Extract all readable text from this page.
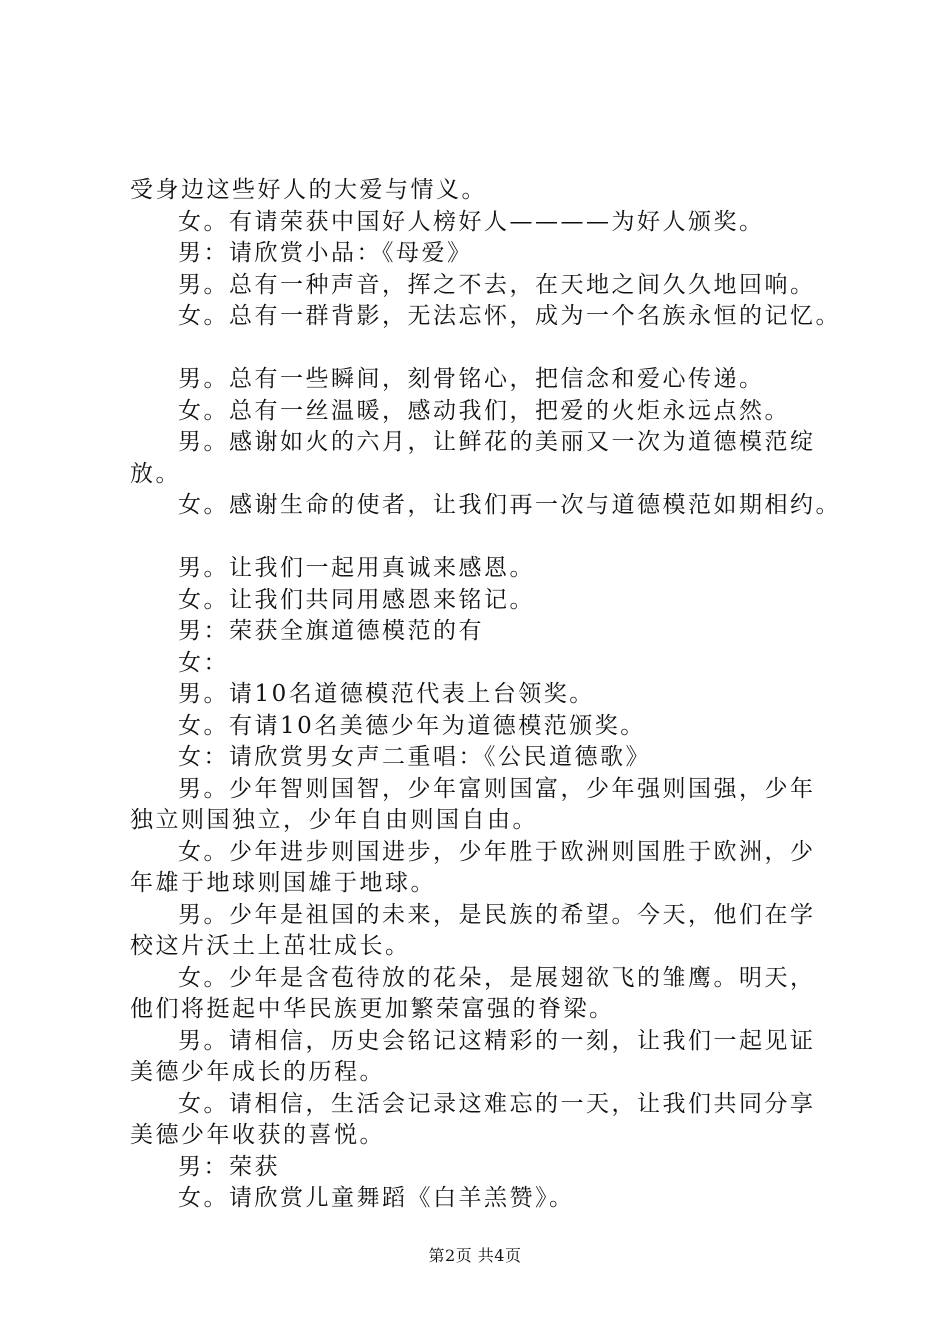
受身边这些好人的大爱与情义。
女。有请荣获中国好人榜好人————为好人颁奖。
男：请欣赏小品：《母爱》
男。总有一种声音，挥之不去，在天地之间久久地回响。
女。总有一群背影，无法忘怀，成为一个名族永恒的记忆。
男。总有一些瞬间，刻骨铭心，把信念和爱心传递。
女。总有一丝温暖，感动我们，把爱的火炬永远点然。
男。感谢如火的六月，让鲜花的美丽又一次为道德模范绽
放。
女。感谢生命的使者，让我们再一次与道德模范如期相约。
男。让我们一起用真诚来感恩。
女。让我们共同用感恩来铭记。
男：荣获全旗道德模范的有
女：
男。请10名道德模范代表上台领奖。
女。有请10名美德少年为道德模范颁奖。
女：请欣赏男女声二重唱：《公民道德歌》
男。少年智则国智，少年富则国富，少年强则国强，少年
独立则国独立，少年自由则国自由。
女。少年进步则国进步，少年胜于欧洲则国胜于欧洲，少
年雄于地球则国雄于地球。
男。少年是祖国的未来，是民族的希望。今天，他们在学
校这片沃土上茁壮成长。
女。少年是含苞待放的花朵，是展翅欲飞的雏鹰。明天，
他们将挺起中华民族更加繁荣富强的脊梁。
男。请相信，历史会铭记这精彩的一刻，让我们一起见证
美德少年成长的历程。
女。请相信，生活会记录这难忘的一天，让我们共同分享
美德少年收获的喜悦。
男：荣获
女。请欣赏儿童舞蹈《白羊羔赞》。
第2页 共4页
